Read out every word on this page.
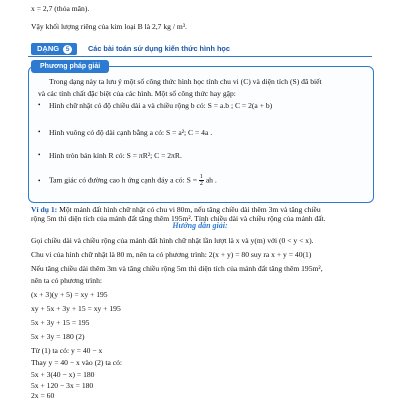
x = 2,7 (thỏa mãn).
Vậy khối lượng riêng của kim loại B là 2,7 kg / m³.
DẠNG 5	Các bài toán sử dụng kiến thức hình học
Phương pháp giải
Trong dạng này ta lưu ý một số công thức hình học tính chu vi (C) và diện tích (S) đã biết
và các tính chất đặc biệt của các hình. Một số công thức hay gặp:
• Hình chữ nhật có độ chiều dài a và chiều rộng b có: S = a.b ; C = 2(a + b)
• Hình vuông có độ dài cạnh bằng a có: S = a²; C = 4a .
• Hình tròn bán kính R có: S = πR²; C = 2πR.
• Tam giác có đường cao h ứng cạnh đáy a có: $S = \frac{1}{2}$ ah .
Ví dụ 1: Một mảnh đất hình chữ nhật có chu vi 80m, nếu tăng chiều dài thêm 3m và tăng chiều
rộng 5m thì diện tích của mảnh đất tăng thêm 195m². Tính chiều dài và chiều rộng của mảnh đất.
Hướng dẫn giải:
Gọi chiều dài và chiều rộng của mảnh đất hình chữ nhật lần lượt là x và y(m) với (0 < y < x).
Chu vi của hình chữ nhật là 80 m, nên ta có phương trình: 2(x + y) = 80 suy ra x + y = 40(1)
Nếu tăng chiều dài thêm 3m và tăng chiều rộng 5m thì diện tích của mảnh đất tăng thêm 195m²,
nên ta có phương trình:
(x + 3)(y + 5) = xy + 195
xy + 5x + 3y + 15 = xy + 195
5x + 3y + 15 = 195
5x + 3y = 180 (2)
Từ (1) ta có: y = 40 − x
Thay y = 40 − x vào (2) ta có:
5x + 3(40 − x) = 180
5x + 120 − 3x = 180
2x = 60
